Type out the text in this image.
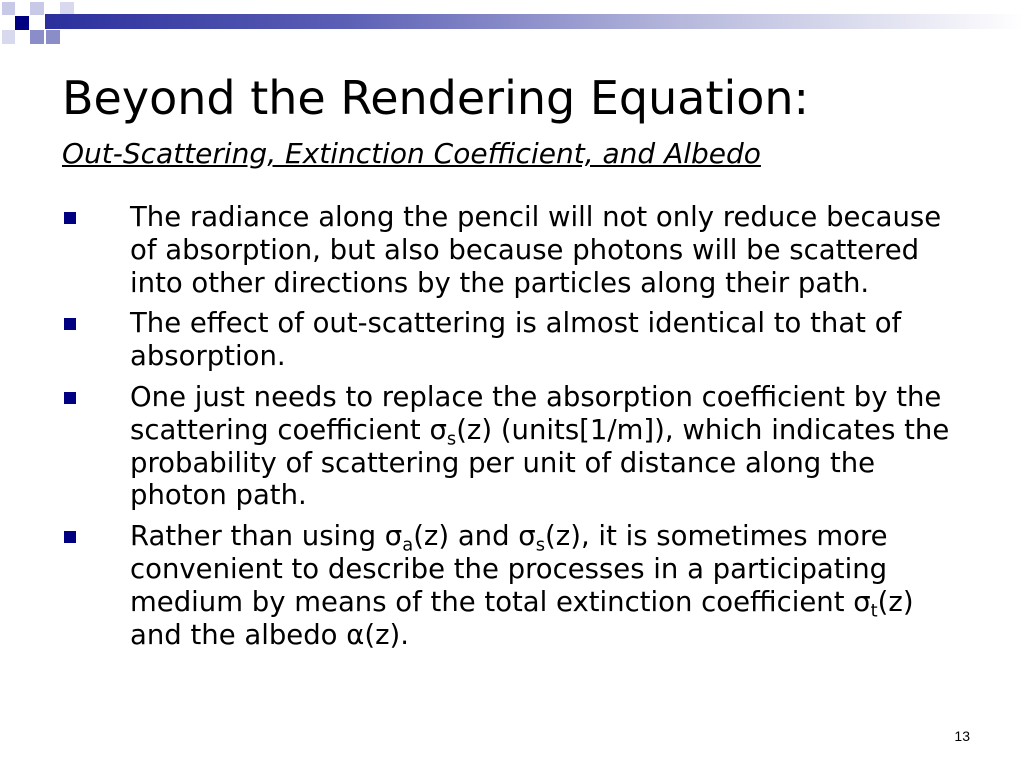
Beyond the Rendering Equation:
Out-Scattering, Extinction Coefficient, and Albedo
The radiance along the pencil will not only reduce because of absorption, but also because photons will be scattered into other directions by the particles along their path.
The effect of out-scattering is almost identical to that of absorption.
One just needs to replace the absorption coefficient by the scattering coefficient $\sigma_s(z)$ (units[1/m]), which indicates the probability of scattering per unit of distance along the photon path.
Rather than using $\sigma_a(z)$ and $\sigma_s(z)$, it is sometimes more convenient to describe the processes in a participating medium by means of the total extinction coefficient $\sigma_t(z)$ and the albedo α(z).
13
